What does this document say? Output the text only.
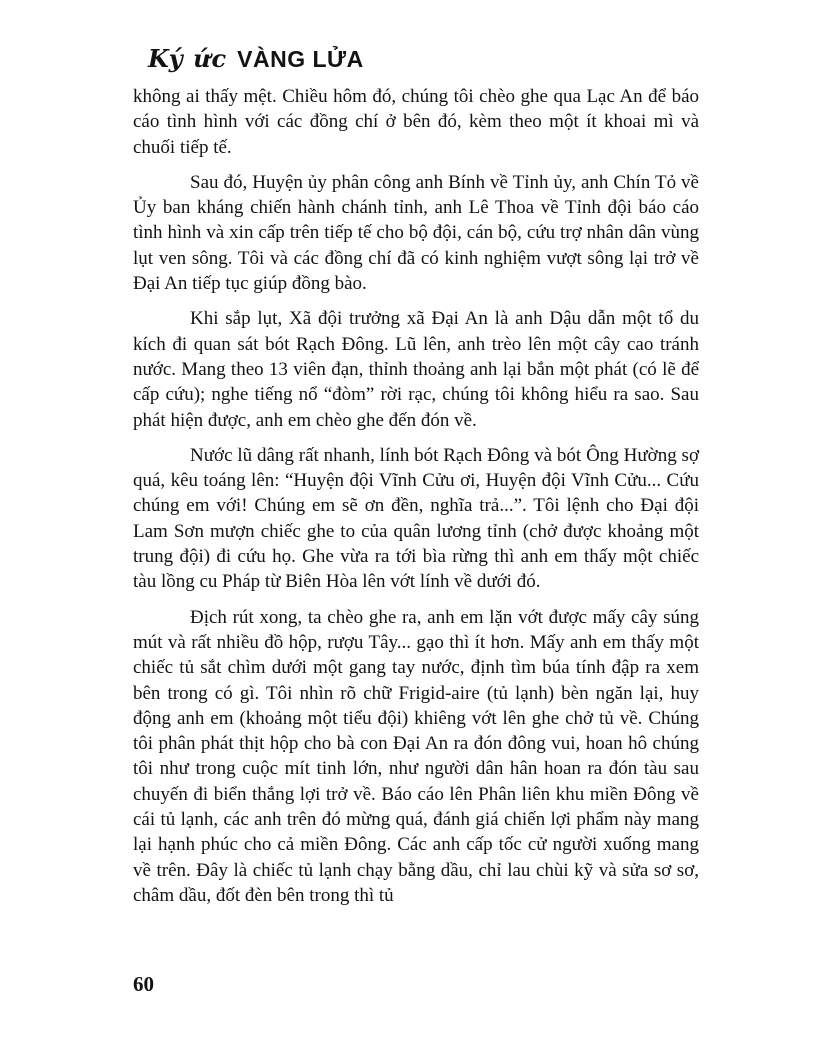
Ký ức VÀNG LỬA

không ai thấy mệt. Chiều hôm đó, chúng tôi chèo ghe qua Lạc An để báo cáo tình hình với các đồng chí ở bên đó, kèm theo một ít khoai mì và chuối tiếp tế.

Sau đó, Huyện ủy phân công anh Bính về Tỉnh ủy, anh Chín Tỏ về Ủy ban kháng chiến hành chánh tỉnh, anh Lê Thoa về Tỉnh đội báo cáo tình hình và xin cấp trên tiếp tế cho bộ đội, cán bộ, cứu trợ nhân dân vùng lụt ven sông. Tôi và các đồng chí đã có kinh nghiệm vượt sông lại trở về Đại An tiếp tục giúp đồng bào.

Khi sắp lụt, Xã đội trưởng xã Đại An là anh Dậu dẫn một tổ du kích đi quan sát bót Rạch Đông. Lũ lên, anh trèo lên một cây cao tránh nước. Mang theo 13 viên đạn, thỉnh thoảng anh lại bắn một phát (có lẽ để cấp cứu); nghe tiếng nổ “đòm” rời rạc, chúng tôi không hiểu ra sao. Sau phát hiện được, anh em chèo ghe đến đón về.

Nước lũ dâng rất nhanh, lính bót Rạch Đông và bót Ông Hường sợ quá, kêu toáng lên: “Huyện đội Vĩnh Cửu ơi, Huyện đội Vĩnh Cửu... Cứu chúng em với! Chúng em sẽ ơn đền, nghĩa trả...”. Tôi lệnh cho Đại đội Lam Sơn mượn chiếc ghe to của quân lương tỉnh (chở được khoảng một trung đội) đi cứu họ. Ghe vừa ra tới bìa rừng thì anh em thấy một chiếc tàu lồng cu Pháp từ Biên Hòa lên vớt lính về dưới đó.

Địch rút xong, ta chèo ghe ra, anh em lặn vớt được mấy cây súng mút và rất nhiều đồ hộp, rượu Tây... gạo thì ít hơn. Mấy anh em thấy một chiếc tủ sắt chìm dưới một gang tay nước, định tìm búa tính đập ra xem bên trong có gì. Tôi nhìn rõ chữ Frigid-aire (tủ lạnh) bèn ngăn lại, huy động anh em (khoảng một tiểu đội) khiêng vớt lên ghe chở tủ về. Chúng tôi phân phát thịt hộp cho bà con Đại An ra đón đông vui, hoan hô chúng tôi như trong cuộc mít tinh lớn, như người dân hân hoan ra đón tàu sau chuyến đi biển thắng lợi trở về. Báo cáo lên Phân liên khu miền Đông về cái tủ lạnh, các anh trên đó mừng quá, đánh giá chiến lợi phẩm này mang lại hạnh phúc cho cả miền Đông. Các anh cấp tốc cử người xuống mang về trên. Đây là chiếc tủ lạnh chạy bằng dầu, chỉ lau chùi kỹ và sửa sơ sơ, châm dầu, đốt đèn bên trong thì tủ

60
